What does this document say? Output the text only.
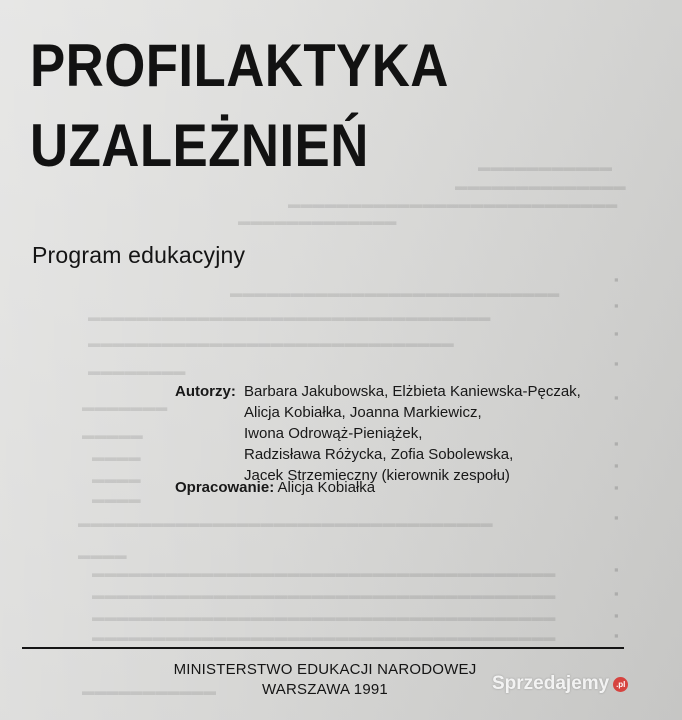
▬▬▬▬▬▬▬▬▬▬▬
▬▬▬▬▬▬▬▬▬▬▬▬▬▬
▬▬▬▬▬▬▬▬▬▬▬▬▬▬▬▬▬▬▬▬▬▬▬▬▬▬▬
▬▬▬▬▬▬▬▬▬▬▬▬▬
▬▬▬▬▬▬▬▬▬▬▬▬▬▬▬▬▬▬▬▬▬▬▬▬▬▬▬
▬▬▬▬▬▬▬▬▬▬▬▬▬▬▬▬▬▬▬▬▬▬▬▬▬▬▬▬▬▬▬▬▬
▬▬▬▬▬▬▬▬▬▬▬▬▬▬▬▬▬▬▬▬▬▬▬▬▬▬▬▬▬▬
▬▬▬▬▬▬▬▬
▬▬▬▬▬▬▬
▬▬▬▬▬
▬▬▬▬
▬▬▬▬
▬▬▬▬
▬▬▬▬▬▬▬▬▬▬▬▬▬▬▬▬▬▬▬▬▬▬▬▬▬▬▬▬▬▬▬▬▬▬
▬▬▬▬
▬▬▬▬▬▬▬▬▬▬▬▬▬▬▬▬▬▬▬▬▬▬▬▬▬▬▬▬▬▬▬▬▬▬▬▬▬▬
▬▬▬▬▬▬▬▬▬▬▬▬▬▬▬▬▬▬▬▬▬▬▬▬▬▬▬▬▬▬▬▬▬▬▬▬▬▬
▬▬▬▬▬▬▬▬▬▬▬▬▬▬▬▬▬▬▬▬▬▬▬▬▬▬▬▬▬▬▬▬▬▬▬▬▬▬
▬▬▬▬▬▬▬▬▬▬▬▬▬▬▬▬▬▬▬▬▬▬▬▬▬▬▬▬▬▬▬▬▬▬▬▬▬▬
▬▬▬▬▬▬▬▬▬▬▬
▪
▪
▪
▪
▪
▪
▪
▪
▪
▪
▪
▪
▪
PROFILAKTYKA
UZALEŻNIEŃ
Program edukacyjny
Autorzy: Barbara Jakubowska, Elżbieta Kaniewska-Pęczak,
Alicja Kobiałka, Joanna Markiewicz,
Iwona Odrowąż-Pieniążek,
Radzisława Różycka, Zofia Sobolewska,
Jacek Strzemieczny (kierownik zespołu)
Opracowanie: Alicja Kobiałka
MINISTERSTWO EDUKACJI NARODOWEJ
WARSZAWA 1991	Sprzedajemy .pl
